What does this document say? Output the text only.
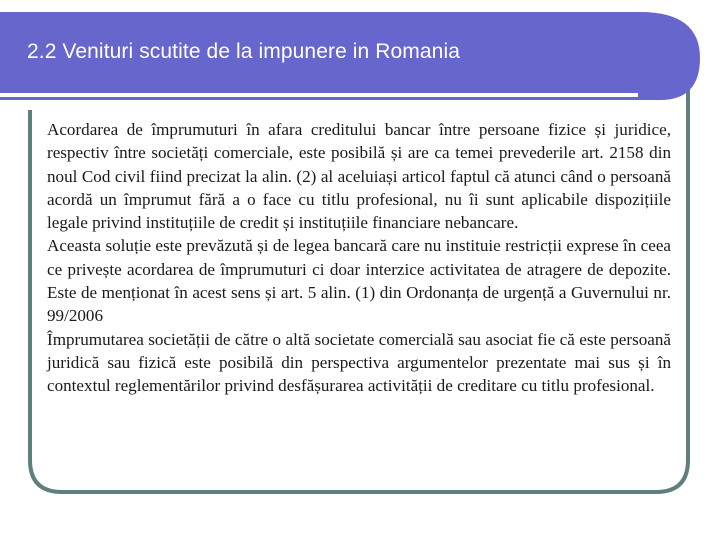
2.2 Venituri scutite de la impunere in Romania

Acordarea de împrumuturi în afara creditului bancar între persoane fizice și juridice, respectiv între societăți comerciale, este posibilă și are ca temei prevederile art. 2158 din noul Cod civil fiind precizat la alin. (2) al aceluiași articol faptul că atunci când o persoană acordă un împrumut fără a o face cu titlu profesional, nu îi sunt aplicabile dispozițiile legale privind instituțiile de credit și instituțiile financiare nebancare.

Aceasta soluție este prevăzută și de legea bancară care nu instituie restricții exprese în ceea ce privește acordarea de împrumuturi ci doar interzice activitatea de atragere de depozite. Este de menționat în acest sens și art. 5 alin. (1) din Ordonanța de urgență a Guvernului nr. 99/2006

Împrumutarea societății de către o altă societate comercială sau asociat fie că este persoană juridică sau fizică este posibilă din perspectiva argumentelor prezentate mai sus și în contextul reglementărilor privind desfășurarea activității de creditare cu titlu profesional.
